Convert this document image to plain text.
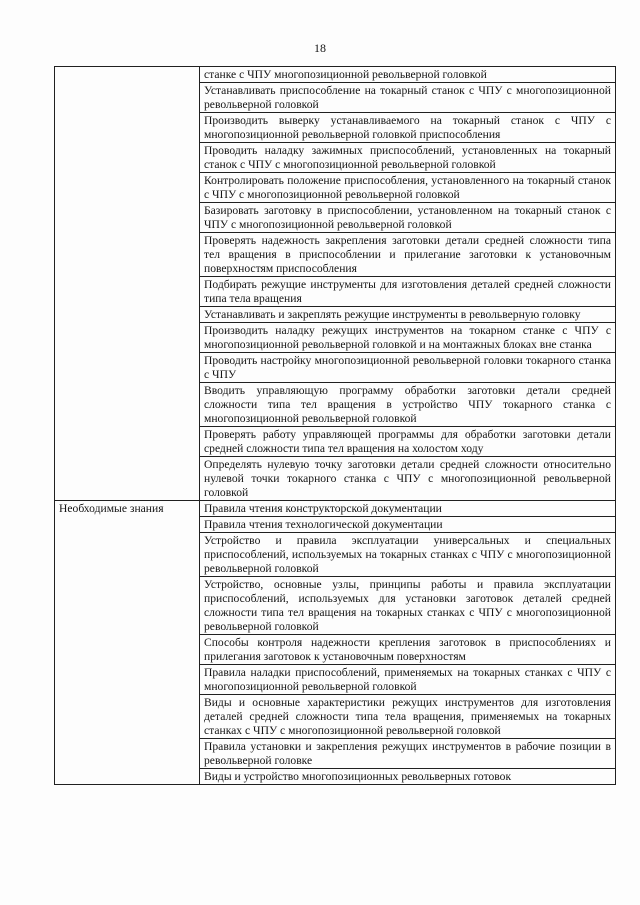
18
	станке с ЧПУ многопозиционной револьверной головкой
	Устанавливать приспособление на токарный станок с ЧПУ с многопозиционной револьверной головкой
	Производить выверку устанавливаемого на токарный станок с ЧПУ с многопозиционной револьверной головкой приспособления
	Проводить наладку зажимных приспособлений, установленных на токарный станок с ЧПУ с многопозиционной револьверной головкой
	Контролировать положение приспособления, установленного на токарный станок с ЧПУ с многопозиционной револьверной головкой
	Базировать заготовку в приспособлении, установленном на токарный станок с ЧПУ с многопозиционной револьверной головкой
	Проверять надежность закрепления заготовки детали средней сложности типа тел вращения в приспособлении и прилегание заготовки к установочным поверхностям приспособления
	Подбирать режущие инструменты для изготовления деталей средней сложности типа тела вращения
	Устанавливать и закреплять режущие инструменты в револьверную головку
	Производить наладку режущих инструментов на токарном станке с ЧПУ с многопозиционной револьверной головкой и на монтажных блоках вне станка
	Проводить настройку многопозиционной револьверной головки токарного станка с ЧПУ
	Вводить управляющую программу обработки заготовки детали средней сложности типа тел вращения в устройство ЧПУ токарного станка с многопозиционной револьверной головкой
	Проверять работу управляющей программы для обработки заготовки детали средней сложности типа тел вращения на холостом ходу
	Определять нулевую точку заготовки детали средней сложности относительно нулевой точки токарного станка с ЧПУ с многопозиционной револьверной головкой
Необходимые знания	Правила чтения конструкторской документации
	Правила чтения технологической документации
	Устройство и правила эксплуатации универсальных и специальных приспособлений, используемых на токарных станках с ЧПУ с многопозиционной револьверной головкой
	Устройство, основные узлы, принципы работы и правила эксплуатации приспособлений, используемых для установки заготовок деталей средней сложности типа тел вращения на токарных станках с ЧПУ с многопозиционной револьверной головкой
	Способы контроля надежности крепления заготовок в приспособлениях и прилегания заготовок к установочным поверхностям
	Правила наладки приспособлений, применяемых на токарных станках с ЧПУ с многопозиционной револьверной головкой
	Виды и основные характеристики режущих инструментов для изготовления деталей средней сложности типа тела вращения, применяемых на токарных станках с ЧПУ с многопозиционной револьверной головкой
	Правила установки и закрепления режущих инструментов в рабочие позиции в револьверной головке
	Виды и устройство многопозиционных револьверных готовок
